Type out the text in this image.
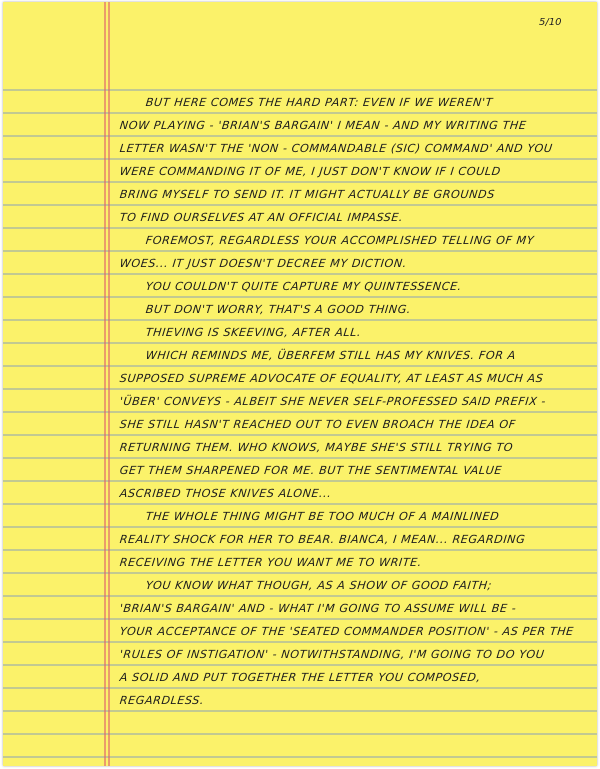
5/10
BUT HERE COMES THE HARD PART: EVEN IF WE WEREN'T
NOW PLAYING - 'BRIAN'S BARGAIN' I MEAN - AND MY WRITING THE
LETTER WASN'T THE 'NON - COMMANDABLE (SIC) COMMAND' AND YOU
WERE COMMANDING IT OF ME, I JUST DON'T KNOW IF I COULD
BRING MYSELF TO SEND IT. IT MIGHT ACTUALLY BE GROUNDS
TO FIND OURSELVES AT AN OFFICIAL IMPASSE.
FOREMOST, REGARDLESS YOUR ACCOMPLISHED TELLING OF MY
WOES... IT JUST DOESN'T DECREE MY DICTION.
YOU COULDN'T QUITE CAPTURE MY QUINTESSENCE.
BUT DON'T WORRY, THAT'S A GOOD THING.
THIEVING IS SKEEVING, AFTER ALL.
WHICH REMINDS ME, ÜBERFEM STILL HAS MY KNIVES. FOR A
SUPPOSED SUPREME ADVOCATE OF EQUALITY, AT LEAST AS MUCH AS
'ÜBER' CONVEYS - ALBEIT SHE NEVER SELF-PROFESSED SAID PREFIX -
SHE STILL HASN'T REACHED OUT TO EVEN BROACH THE IDEA OF
RETURNING THEM. WHO KNOWS, MAYBE SHE'S STILL TRYING TO
GET THEM SHARPENED FOR ME. BUT THE SENTIMENTAL VALUE
ASCRIBED THOSE KNIVES ALONE...
THE WHOLE THING MIGHT BE TOO MUCH OF A MAINLINED
REALITY SHOCK FOR HER TO BEAR. BIANCA, I MEAN... REGARDING
RECEIVING THE LETTER YOU WANT ME TO WRITE.
YOU KNOW WHAT THOUGH, AS A SHOW OF GOOD FAITH;
'BRIAN'S BARGAIN' AND - WHAT I'M GOING TO ASSUME WILL BE -
YOUR ACCEPTANCE OF THE 'SEATED COMMANDER POSITION' - AS PER THE
'RULES OF INSTIGATION' - NOTWITHSTANDING, I'M GOING TO DO YOU
A SOLID AND PUT TOGETHER THE LETTER YOU COMPOSED,
REGARDLESS.
